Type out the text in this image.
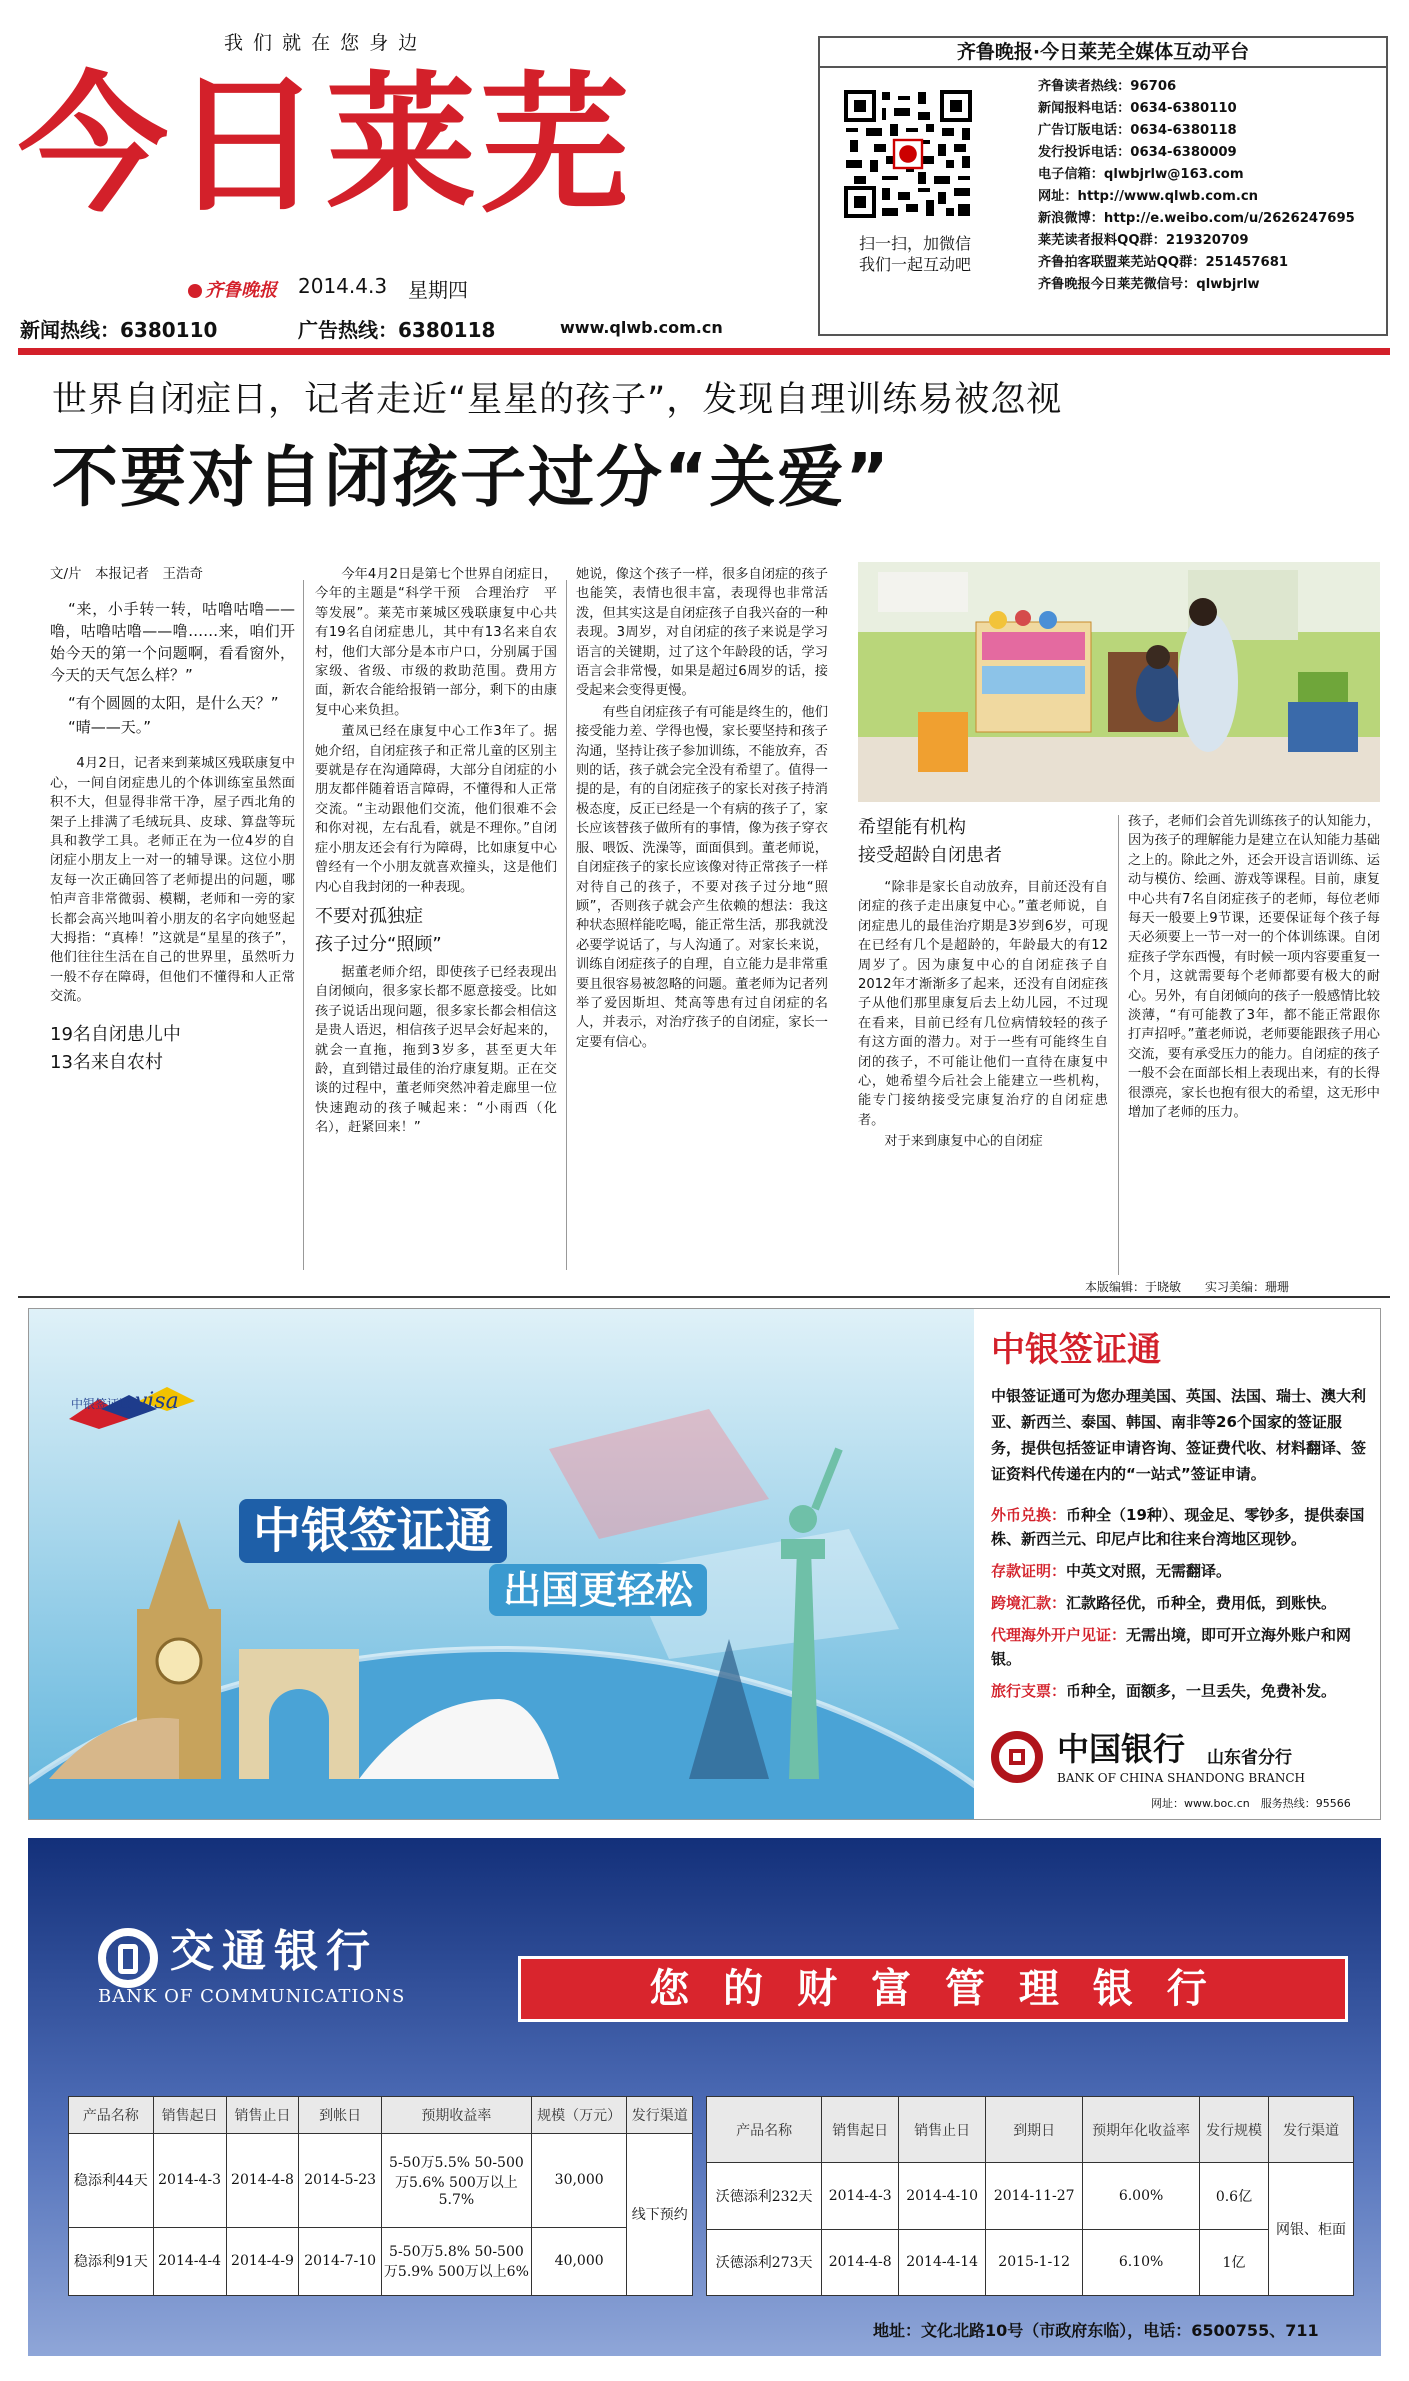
我 们 就 在 您 身 边
今日莱芜
齐鲁晚报 2014.4.3 星期四
新闻热线：6380110	广告热线：6380118	www.qlwb.com.cn
齐鲁晚报·今日莱芜全媒体互动平台
扫一扫，加微信
我们一起互动吧
齐鲁读者热线：96706
新闻报料电话：0634-6380110
广告订版电话：0634-6380118
发行投诉电话：0634-6380009
电子信箱：qlwbjrlw@163.com
网址：http://www.qlwb.com.cn
新浪微博：http://e.weibo.com/u/2626247695
莱芜读者报料QQ群：219320709
齐鲁拍客联盟莱芜站QQ群：251457681
齐鲁晚报今日莱芜微信号：qlwbjrlw
世界自闭症日，记者走近“星星的孩子”，发现自理训练易被忽视
不要对自闭孩子过分“关爱”
文/片　本报记者　王浩奇

“来，小手转一转，咕噜咕噜——噜，咕噜咕噜——噜……来，咱们开始今天的第一个问题啊，看看窗外，今天的天气怎么样？”

“有个圆圆的太阳，是什么天？”

“晴——天。”

4月2日，记者来到莱城区残联康复中心，一间自闭症患儿的个体训练室虽然面积不大，但显得非常干净，屋子西北角的架子上排满了毛绒玩具、皮球、算盘等玩具和教学工具。老师正在为一位4岁的自闭症小朋友上一对一的辅导课。这位小朋友每一次正确回答了老师提出的问题，哪怕声音非常微弱、模糊，老师和一旁的家长都会高兴地叫着小朋友的名字向她竖起大拇指：“真棒！”这就是“星星的孩子”，他们往往生活在自己的世界里，虽然听力一般不存在障碍，但他们不懂得和人正常交流。

19名自闭患儿中
13名来自农村

今年4月2日是第七个世界自闭症日，今年的主题是“科学干预　合理治疗　平等发展”。莱芜市莱城区残联康复中心共有19名自闭症患儿，其中有13名来自农村，他们大部分是本市户口，分别属于国家级、省级、市级的救助范围。费用方面，新农合能给报销一部分，剩下的由康复中心来负担。

董凤已经在康复中心工作3年了。据她介绍，自闭症孩子和正常儿童的区别主要就是存在沟通障碍，大部分自闭症的小朋友都伴随着语言障碍，不懂得和人正常交流。“主动跟他们交流，他们很难不会和你对视，左右乱看，就是不理你。”自闭症小朋友还会有行为障碍，比如康复中心曾经有一个小朋友就喜欢撞头，这是他们内心自我封闭的一种表现。

不要对孤独症
孩子过分“照顾”

据董老师介绍，即使孩子已经表现出自闭倾向，很多家长都不愿意接受。比如孩子说话出现问题，很多家长都会相信这是贵人语迟，相信孩子迟早会好起来的，就会一直拖，拖到3岁多，甚至更大年龄，直到错过最佳的治疗康复期。正在交谈的过程中，董老师突然冲着走廊里一位快速跑动的孩子喊起来：“小雨西（化名），赶紧回来！”

她说，像这个孩子一样，很多自闭症的孩子也能笑，表情也很丰富，表现得也非常活泼，但其实这是自闭症孩子自我兴奋的一种表现。3周岁，对自闭症的孩子来说是学习语言的关键期，过了这个年龄段的话，学习语言会非常慢，如果是超过6周岁的话，接受起来会变得更慢。

有些自闭症孩子有可能是终生的，他们接受能力差、学得也慢，家长要坚持和孩子沟通，坚持让孩子参加训练，不能放弃，否则的话，孩子就会完全没有希望了。值得一提的是，有的自闭症孩子的家长对孩子持消极态度，反正已经是一个有病的孩子了，家长应该替孩子做所有的事情，像为孩子穿衣服、喂饭、洗澡等，面面俱到。董老师说，自闭症孩子的家长应该像对待正常孩子一样对待自己的孩子，不要对孩子过分地“照顾”，否则孩子就会产生依赖的想法：我这种状态照样能吃喝，能正常生活，那我就没必要学说话了，与人沟通了。对家长来说，训练自闭症孩子的自理，自立能力是非常重要且很容易被忽略的问题。董老师为记者列举了爱因斯坦、梵高等患有过自闭症的名人，并表示，对治疗孩子的自闭症，家长一定要有信心。

希望能有机构
接受超龄自闭患者

“除非是家长自动放弃，目前还没有自闭症的孩子走出康复中心。”董老师说，自闭症患儿的最佳治疗期是3岁到6岁，可现在已经有几个是超龄的，年龄最大的有12周岁了。因为康复中心的自闭症孩子自2012年才渐渐多了起来，还没有自闭症孩子从他们那里康复后去上幼儿园，不过现在看来，目前已经有几位病情较轻的孩子有这方面的潜力。对于一些有可能终生自闭的孩子，不可能让他们一直待在康复中心，她希望今后社会上能建立一些机构，能专门接纳接受完康复治疗的自闭症患者。

对于来到康复中心的自闭症

孩子，老师们会首先训练孩子的认知能力，因为孩子的理解能力是建立在认知能力基础之上的。除此之外，还会开设言语训练、运动与模仿、绘画、游戏等课程。目前，康复中心共有7名自闭症孩子的老师，每位老师每天一般要上9节课，还要保证每个孩子每天必须要上一节一对一的个体训练课。自闭症孩子学东西慢，有时候一项内容要重复一个月，这就需要每个老师都要有极大的耐心。另外，有自闭倾向的孩子一般感情比较淡薄，“有可能教了3年，都不能正常跟你打声招呼。”董老师说，老师要能跟孩子用心交流，要有承受压力的能力。自闭症的孩子一般不会在面部长相上表现出来，有的长得很漂亮，家长也抱有很大的希望，这无形中增加了老师的压力。

本版编辑：于晓敏　　实习美编：珊珊
中银签证通 visa
中银签证通
出国更轻松
中银签证通
中银签证通可为您办理美国、英国、法国、瑞士、澳大利亚、新西兰、泰国、韩国、南非等26个国家的签证服务，提供包括签证申请咨询、签证费代收、材料翻译、签证资料代传递在内的“一站式”签证申请。
外币兑换：币种全（19种）、现金足、零钞多，提供泰国株、新西兰元、印尼卢比和往来台湾地区现钞。
存款证明：中英文对照，无需翻译。
跨境汇款：汇款路径优，币种全，费用低，到账快。
代理海外开户见证：无需出境，即可开立海外账户和网银。
旅行支票：币种全，面额多，一旦丢失，免费补发。
中国银行 山东省分行
BANK OF CHINA SHANDONG BRANCH
网址：www.boc.cn　服务热线：95566
交通银行
BANK OF COMMUNICATIONS	您 的 财 富 管 理 银 行
产品名称	销售起日	销售止日	到帐日	预期收益率	规模（万元）	发行渠道
稳添利44天	2014-4-3	2014-4-8	2014-5-23	5-50万5.5% 50-500万5.6% 500万以上5.7%	30,000	线下预约
稳添利91天	2014-4-4	2014-4-9	2014-7-10	5-50万5.8% 50-500万5.9% 500万以上6%	40,000	
产品名称	销售起日	销售止日	到期日	预期年化收益率	发行规模	发行渠道
沃德添利232天	2014-4-3	2014-4-10	2014-11-27	6.00%	0.6亿	网银、柜面
沃德添利273天	2014-4-8	2014-4-14	2015-1-12	6.10%	1亿	
地址：文化北路10号（市政府东临），电话：6500755、711
